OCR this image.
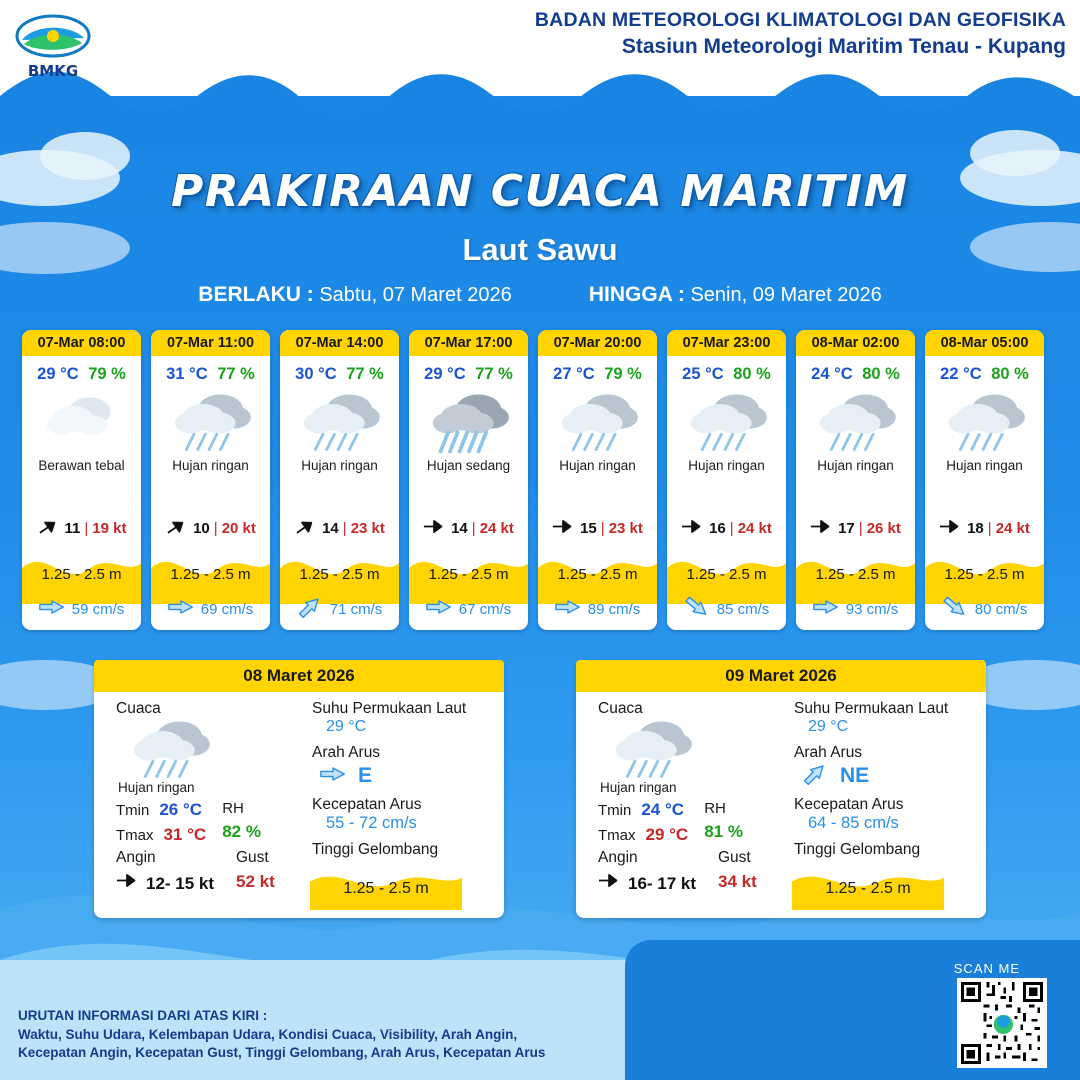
BMKG
BADAN METEOROLOGI KLIMATOLOGI DAN GEOFISIKA
Stasiun Meteorologi Maritim Tenau - Kupang
PRAKIRAAN CUACA MARITIM
Laut Sawu
BERLAKU : Sabtu, 07 Maret 2026	HINGGA : Senin, 09 Maret 2026
07-Mar 08:00
29 °C 79 %
Berawan tebal
11 | 19 kt
1.25 - 2.5 m
59 cm/s
07-Mar 11:00
31 °C 77 %
Hujan ringan
10 | 20 kt
1.25 - 2.5 m
69 cm/s
07-Mar 14:00
30 °C 77 %
Hujan ringan
14 | 23 kt
1.25 - 2.5 m
71 cm/s
07-Mar 17:00
29 °C 77 %
Hujan sedang
14 | 24 kt
1.25 - 2.5 m
67 cm/s
07-Mar 20:00
27 °C 79 %
Hujan ringan
15 | 23 kt
1.25 - 2.5 m
89 cm/s
07-Mar 23:00
25 °C 80 %
Hujan ringan
16 | 24 kt
1.25 - 2.5 m
85 cm/s
08-Mar 02:00
24 °C 80 %
Hujan ringan
17 | 26 kt
1.25 - 2.5 m
93 cm/s
08-Mar 05:00
22 °C 80 %
Hujan ringan
18 | 24 kt
1.25 - 2.5 m
80 cm/s
08 Maret 2026
Cuaca
Hujan ringan
Tmin 26 °C
Tmax 31 °C
RH
82 %
Angin
12- 15 kt
Gust
52 kt
Suhu Permukaan Laut
29 °C
Arah Arus
E
Kecepatan Arus
55 - 72 cm/s
Tinggi Gelombang
1.25 - 2.5 m
09 Maret 2026
Cuaca
Hujan ringan
Tmin 24 °C
Tmax 29 °C
RH
81 %
Angin
16- 17 kt
Gust
34 kt
Suhu Permukaan Laut
29 °C
Arah Arus
NE
Kecepatan Arus
64 - 85 cm/s
Tinggi Gelombang
1.25 - 2.5 m
URUTAN INFORMASI DARI ATAS KIRI :
Waktu, Suhu Udara, Kelembapan Udara, Kondisi Cuaca, Visibility, Arah Angin,
Kecepatan Angin, Kecepatan Gust, Tinggi Gelombang, Arah Arus, Kecepatan Arus
SCAN ME
